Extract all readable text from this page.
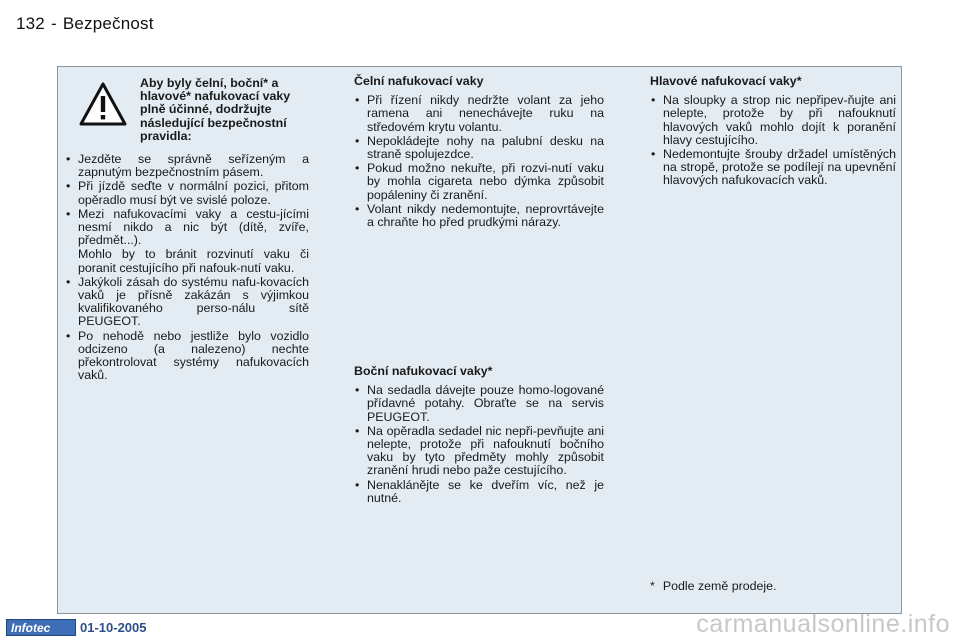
132 - Bezpečnost
Aby byly čelní, boční* a hlavové* nafukovací vaky plně účinné, dodržujte následující bezpečnostní pravidla:
• Jezděte se správně seřízeným a zapnutým bezpečnostním pásem.
• Při jízdě seďte v normální pozici, přitom opěradlo musí být ve svislé poloze.
• Mezi nafukovacími vaky a cestu-jícími nesmí nikdo a nic být (dítě, zvíře, předmět...).
Mohlo by to bránit rozvinutí vaku či poranit cestujícího při nafouk-nutí vaku.
• Jakýkoli zásah do systému nafu-kovacích vaků je přísně zakázán s výjimkou kvalifikovaného perso-nálu sítě PEUGEOT.
• Po nehodě nebo jestliže bylo vozidlo odcizeno (a nalezeno) nechte překontrolovat systémy nafukovacích vaků.
Čelní nafukovací vaky
• Při řízení nikdy nedržte volant za jeho ramena ani nenechávejte ruku na středovém krytu volantu.
• Nepokládejte nohy na palubní desku na straně spolujezdce.
• Pokud možno nekuřte, při rozvi-nutí vaku by mohla cigareta nebo dýmka způsobit popáleniny či zranění.
• Volant nikdy nedemontujte, neprovrtávejte a chraňte ho před prudkými nárazy.
Boční nafukovací vaky*
• Na sedadla dávejte pouze homo-logované přídavné potahy. Obraťte se na servis PEUGEOT.
• Na opěradla sedadel nic nepři-pevňujte ani nelepte, protože při nafouknutí bočního vaku by tyto předměty mohly způsobit zranění hrudi nebo paže cestujícího.
• Nenaklánějte se ke dveřím víc, než je nutné.
Hlavové nafukovací vaky*
• Na sloupky a strop nic nepřipev-ňujte ani nelepte, protože by při nafouknutí hlavových vaků mohlo dojít k poranění hlavy cestujícího.
• Nedemontujte šrouby držadel umístěných na stropě, protože se podílejí na upevnění hlavových nafukovacích vaků.
* Podle země prodeje.
Infotec	01-10-2005	carmanualsonline.info
